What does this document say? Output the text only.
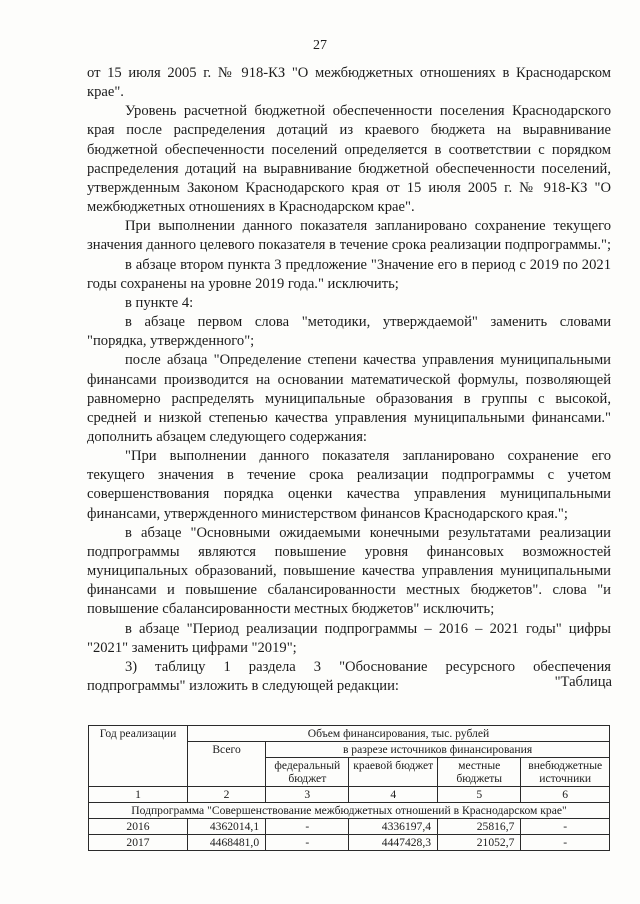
27

от 15 июля 2005 г. № 918-КЗ "О межбюджетных отношениях в Краснодарском крае".

Уровень расчетной бюджетной обеспеченности поселения Краснодарского края после распределения дотаций из краевого бюджета на выравнивание бюджетной обеспеченности поселений определяется в соответствии с порядком распределения дотаций на выравнивание бюджетной обеспеченности поселений, утвержденным Законом Краснодарского края от 15 июля 2005 г. № 918-КЗ "О межбюджетных отношениях в Краснодарском крае".

При выполнении данного показателя запланировано сохранение текущего значения данного целевого показателя в течение срока реализации подпрограммы.";

в абзаце втором пункта 3 предложение "Значение его в период с 2019 по 2021 годы сохранены на уровне 2019 года." исключить;

в пункте 4:

в абзаце первом слова "методики, утверждаемой" заменить словами "порядка, утвержденного";

после абзаца "Определение степени качества управления муниципальными финансами производится на основании математической формулы, позволяющей равномерно распределять муниципальные образования в группы с высокой, средней и низкой степенью качества управления муниципальными финансами." дополнить абзацем следующего содержания:

"При выполнении данного показателя запланировано сохранение его текущего значения в течение срока реализации подпрограммы с учетом совершенствования порядка оценки качества управления муниципальными финансами, утвержденного министерством финансов Краснодарского края.";

в абзаце "Основными ожидаемыми конечными результатами реализации подпрограммы являются повышение уровня финансовых возможностей муниципальных образований, повышение качества управления муниципальными финансами и повышение сбалансированности местных бюджетов". слова "и повышение сбалансированности местных бюджетов" исключить;

в абзаце "Период реализации подпрограммы – 2016 – 2021 годы" цифры "2021" заменить цифрами "2019";

3) таблицу 1 раздела 3 "Обоснование ресурсного обеспечения подпрограммы" изложить в следующей редакции:	"Таблица
Год реализации	Объем финансирования, тыс. рублей				
	Всего	в разрезе источников финансирования			
		федеральный бюджет	краевой бюджет	местные бюджеты	внебюджетные источники
1	2	3	4	5	6
Подпрограмма "Совершенствование межбюджетных отношений в Краснодарском крае"					
2016	4362014,1	-	4336197,4	25816,7	-
2017	4468481,0	-	4447428,3	21052,7	-
